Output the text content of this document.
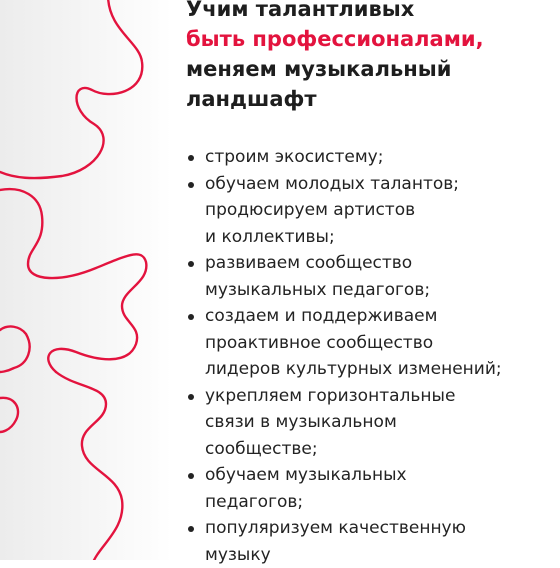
Учим талантливых
быть профессионалами,
меняем музыкальный
ландшафт
строим экосистему;
обучаем молодых талантов;
продюсируем артистов
и коллективы;
развиваем сообщество
музыкальных педагогов;
создаем и поддерживаем
проактивное сообщество
лидеров культурных изменений;
укрепляем горизонтальные
связи в музыкальном
сообществе;
обучаем музыкальных
педагогов;
популяризуем качественную
музыку
